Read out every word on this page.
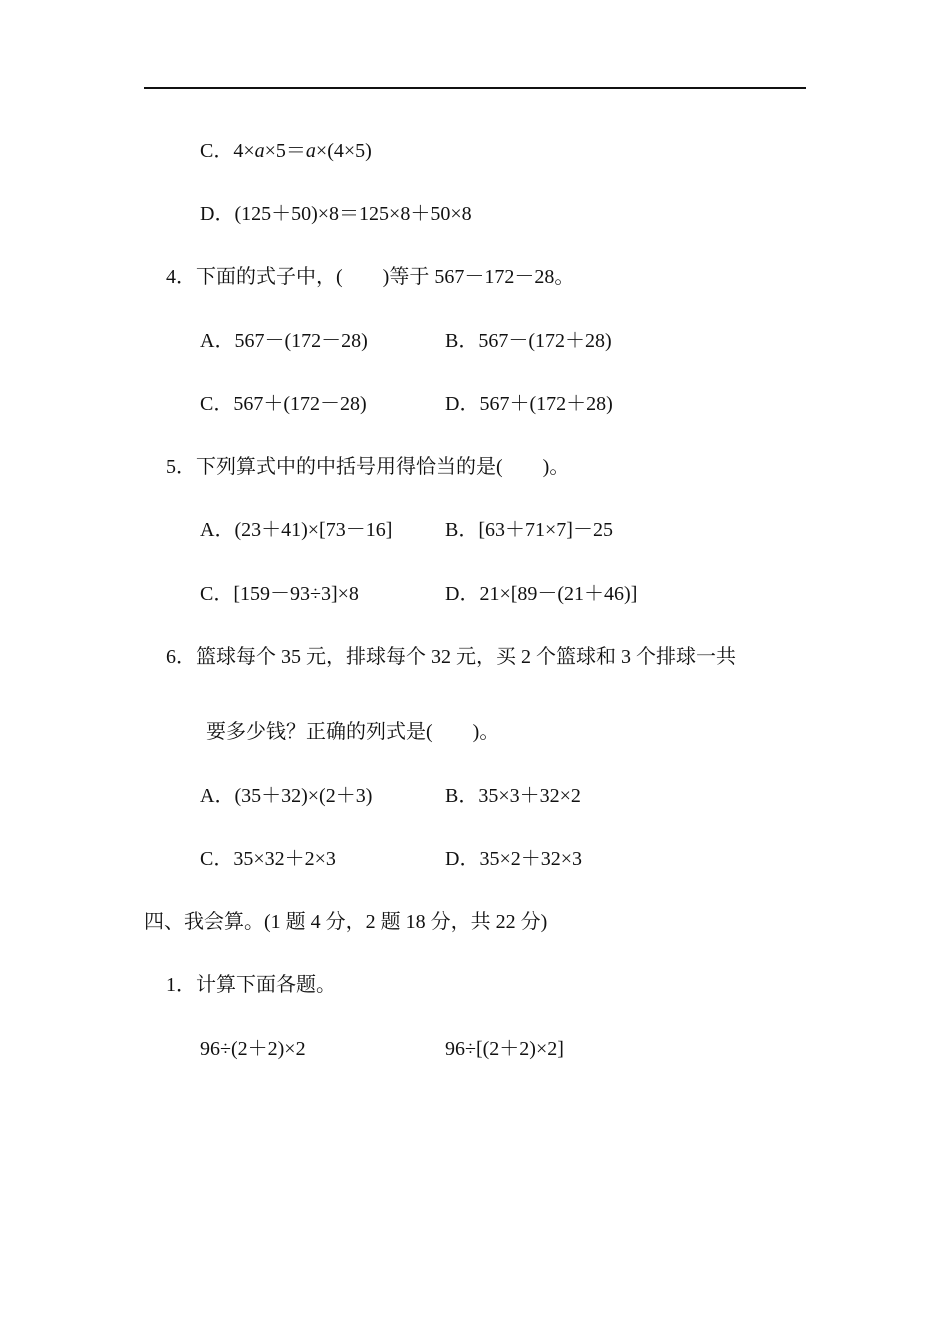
C．4×a×5＝a×(4×5)
D．(125＋50)×8＝125×8＋50×8
4．下面的式子中，(　　)等于 567－172－28。
A．567－(172－28)	B．567－(172＋28)
C．567＋(172－28)	D．567＋(172＋28)
5．下列算式中的中括号用得恰当的是(　　)。
A．(23＋41)×[73－16]	B．[63＋71×7]－25
C．[159－93÷3]×8	D．21×[89－(21＋46)]
6．篮球每个 35 元，排球每个 32 元，买 2 个篮球和 3 个排球一共
要多少钱？正确的列式是(　　)。
A．(35＋32)×(2＋3)	B．35×3＋32×2
C．35×32＋2×3	D．35×2＋32×3
四、我会算。(1 题 4 分，2 题 18 分，共 22 分)
1．计算下面各题。
96÷(2＋2)×2	96÷[(2＋2)×2]
